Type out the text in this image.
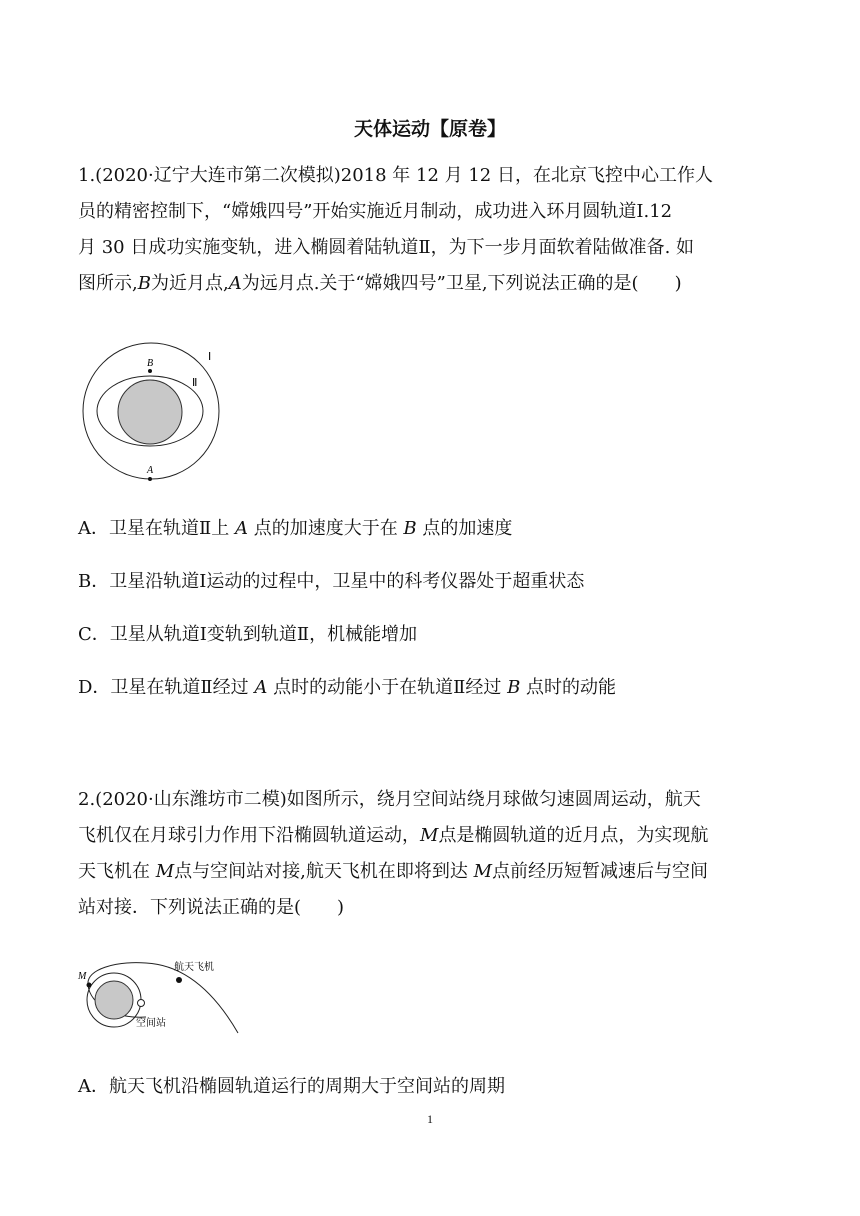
天体运动【原卷】
1.(2020·辽宁大连市第二次模拟)2018 年 12 月 12 日，在北京飞控中心工作人
员的精密控制下，“嫦娥四号”开始实施近月制动，成功进入环月圆轨道Ⅰ.12
月 30 日成功实施变轨，进入椭圆着陆轨道Ⅱ，为下一步月面软着陆做准备. 如
图所示,B为近月点,A为远月点.关于“嫦娥四号”卫星,下列说法正确的是(　　)
B
A
Ⅰ
Ⅱ
A．卫星在轨道Ⅱ上 A 点的加速度大于在 B 点的加速度
B．卫星沿轨道Ⅰ运动的过程中，卫星中的科考仪器处于超重状态
C．卫星从轨道Ⅰ变轨到轨道Ⅱ，机械能增加
D．卫星在轨道Ⅱ经过 A 点时的动能小于在轨道Ⅱ经过 B 点时的动能
2.(2020·山东潍坊市二模)如图所示，绕月空间站绕月球做匀速圆周运动，航天
飞机仅在月球引力作用下沿椭圆轨道运动，M点是椭圆轨道的近月点，为实现航
天飞机在 M点与空间站对接,航天飞机在即将到达 M点前经历短暂减速后与空间
站对接．下列说法正确的是(　　)
M
航天飞机
空间站
A．航天飞机沿椭圆轨道运行的周期大于空间站的周期
1
